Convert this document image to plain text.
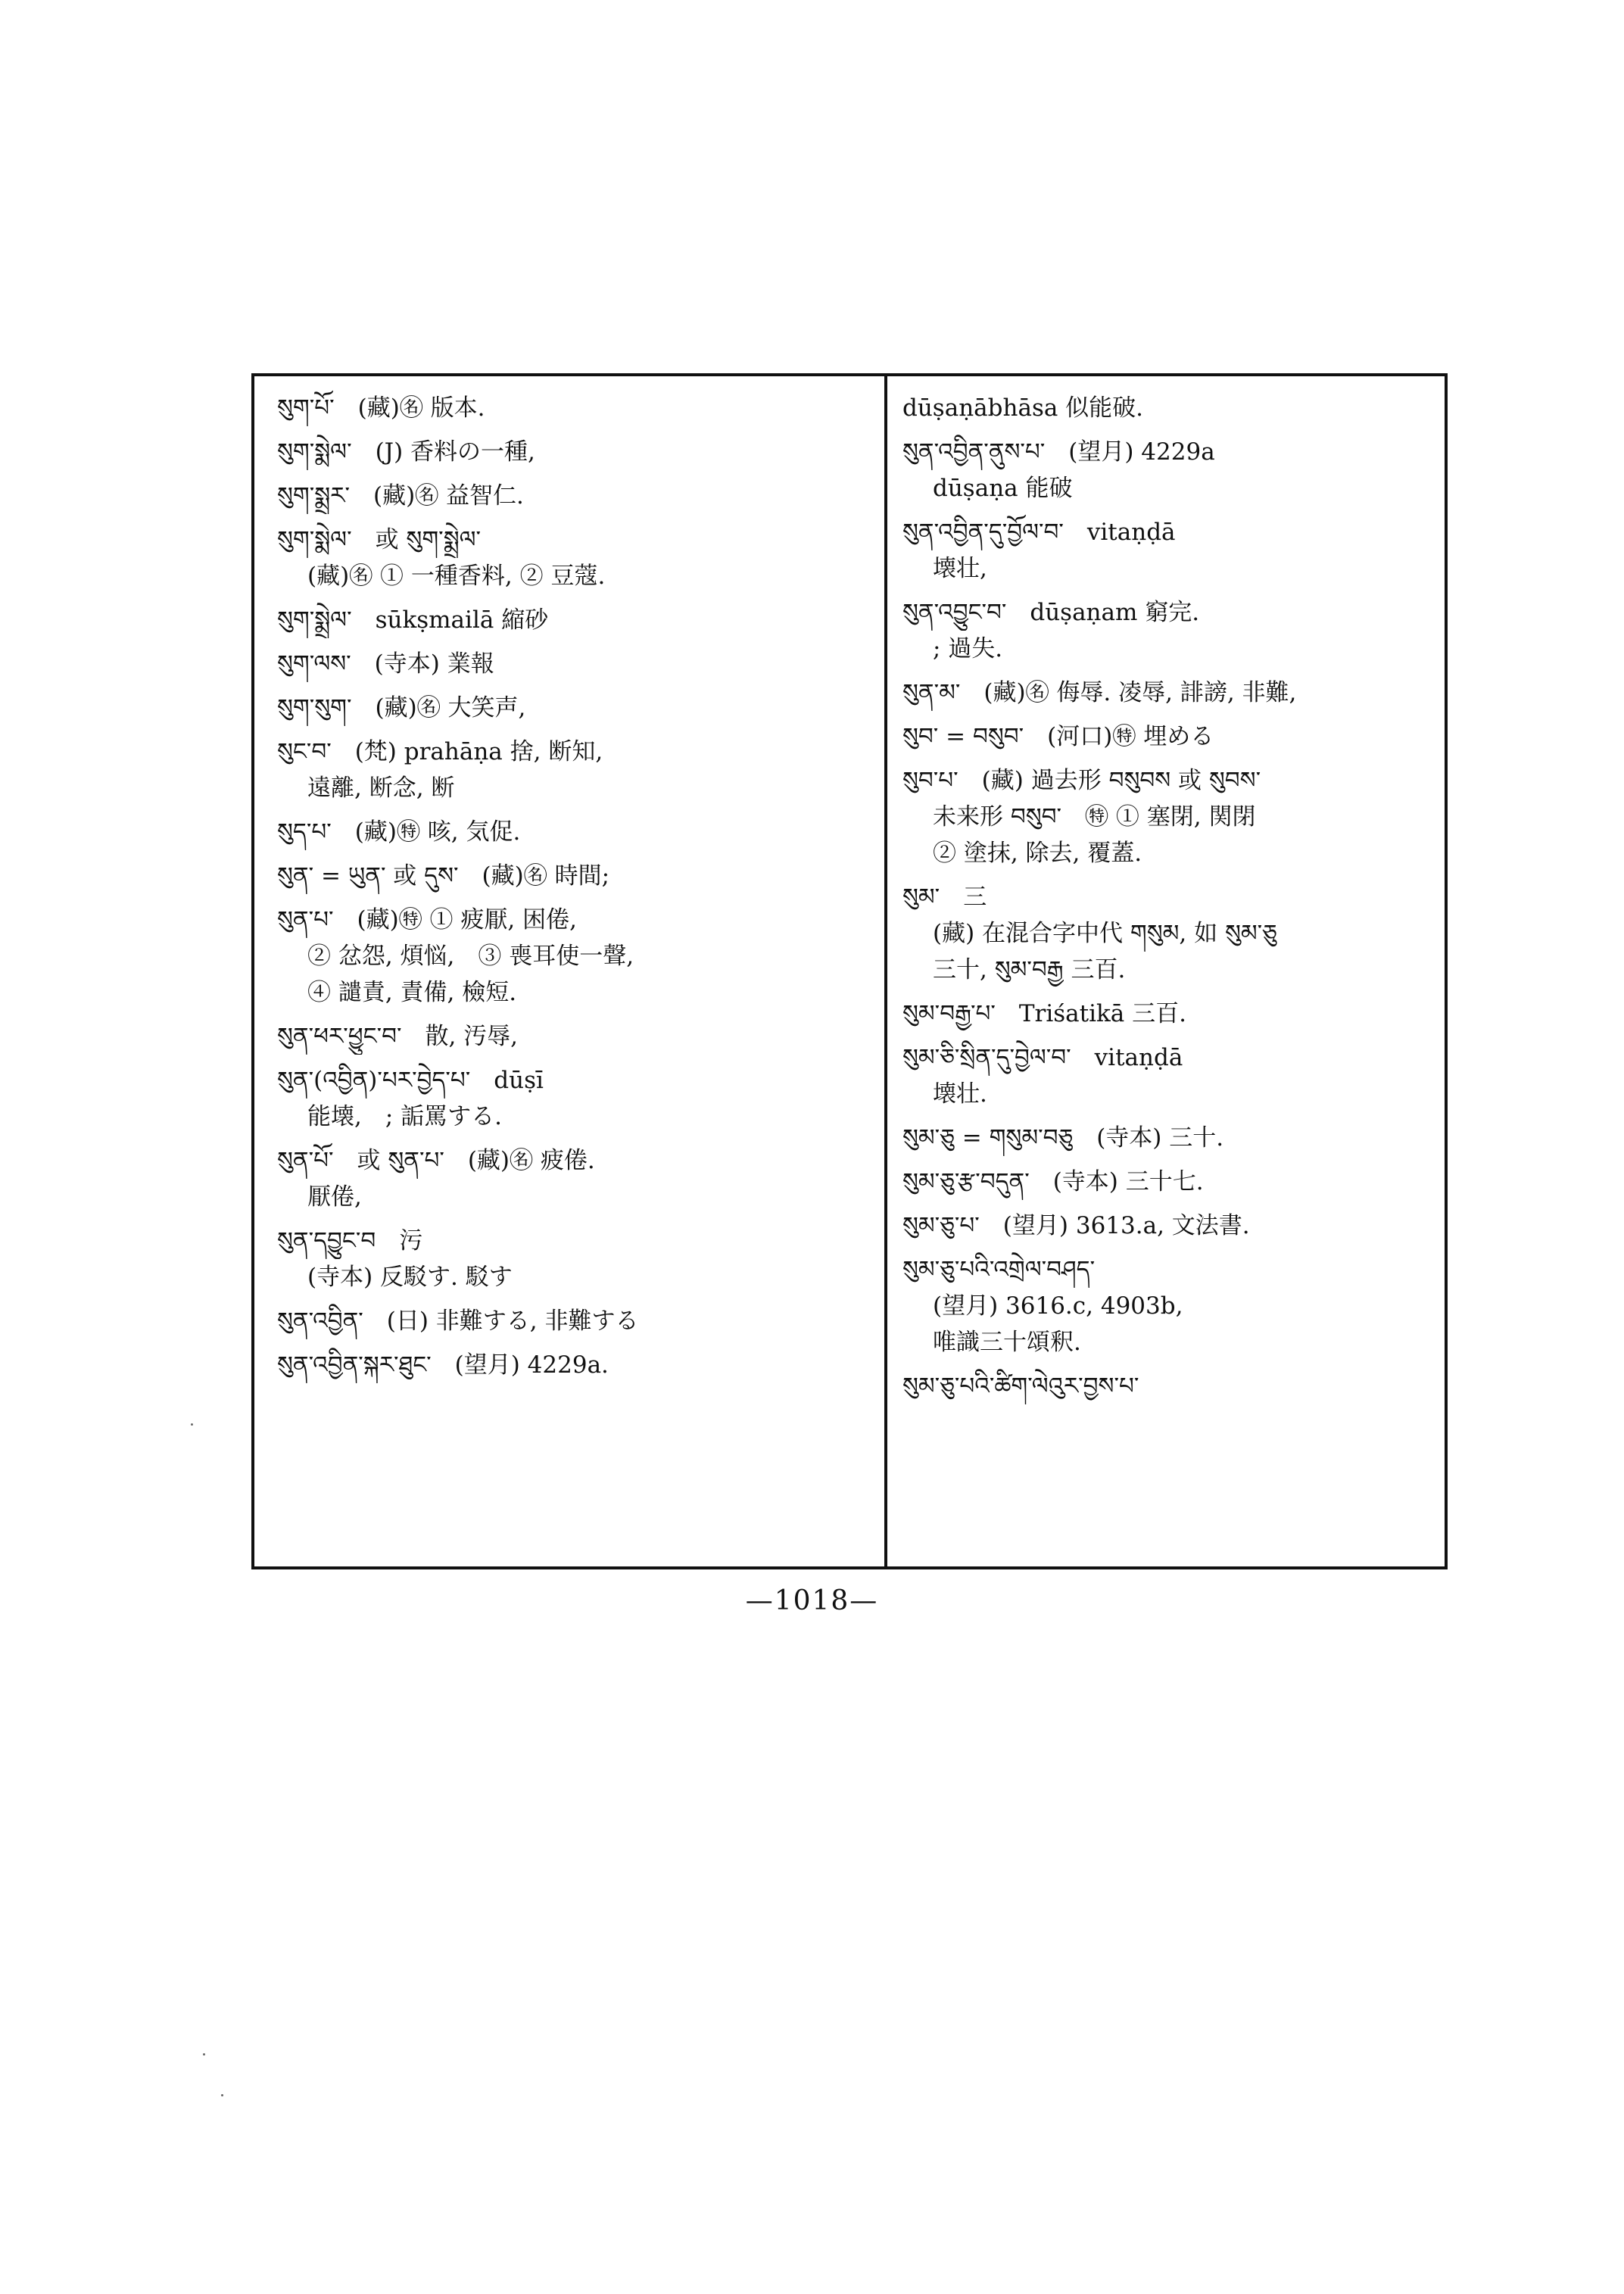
སུག་པོ་　(藏)㊔ 版本.
སུག་སྨེལ་　(J) 香料の一種,
སུག་སྨྲར་　(藏)㊔ 益智仁.
སུག་སྨེལ་　或 སུག་སྨྲེལ་
(藏)㊔ ① 一種香料, ② 豆蔻.
སུག་སྨྲེལ་　sūkṣmailā 縮砂
སུག་ལས་　(寺本) 業報
སུག་སུག་　(藏)㊔ 大笑声,
སུང་བ་　(梵) prahāṇa 捨, 断知,
遠離, 断念, 断
སུད་པ་　(藏)㊕ 咳, 気促.
སུན་ = ཡུན་ 或 དུས་　(藏)㊔ 時間;
སུན་པ་　(藏)㊕ ① 疲厭, 困倦,
② 忿怨, 煩悩,　③ 喪耳使一聲,
④ 譴責, 責備, 檢短.
སུན་ཕར་ཕྱུང་བ་　散, 汚辱,
སུན་(འབྱིན)་པར་བྱེད་པ་　dūṣī
能壊,　; 詬罵する.
སུན་པོ་　或 སུན་པ་　(藏)㊔ 疲倦.
厭倦,
སུན་དབྱུང་བ　污
(寺本) 反駁す. 駁す
སུན་འབྱིན་　(日) 非難する, 非難する
སུན་འབྱིན་སྐར་ཐུང་　(望月) 4229a.
dūṣaṇābhāsa 似能破.
སུན་འབྱིན་ནུས་པ་　(望月) 4229a
dūṣaṇa 能破
སུན་འབྱིན་དུ་བྱོལ་བ་　vitaṇḍā
壊壮,
སུན་འབྱུང་བ་　dūṣaṇam 窮完.
; 過失.
སུན་མ་　(藏)㊔ 侮辱. 凌辱, 誹謗, 非難,
སུབ་ = བསུབ་　(河口)㊕ 埋める
སུབ་པ་　(藏) 過去形 བསུབས 或 སུབས་
未来形 བསུབ་　㊕ ① 塞閉, 関閉
② 塗抹, 除去, 覆蓋.
སུམ་　三
(藏) 在混合字中代 གསུམ, 如 སུམ་ཅུ
三十, སུམ་བརྒྱ 三百.
སུམ་བརྒྱ་པ་　Triśatikā 三百.
སུམ་ཅི་སྲིན་དུ་བྱེལ་བ་　vitaṇḍā
壊壮.
སུམ་ཅུ = གསུམ་བཅུ　(寺本) 三十.
སུམ་ཅུ་རྩ་བདུན་　(寺本) 三十七.
སུམ་ཅུ་པ་　(望月) 3613.a, 文法書.
སུམ་ཅུ་པའི་འགྲེལ་བཤད་
(望月) 3616.c, 4903b,
唯識三十頌釈.
སུམ་ཅུ་པའི་ཚིག་ལེའུར་བྱས་པ་
—1018—
